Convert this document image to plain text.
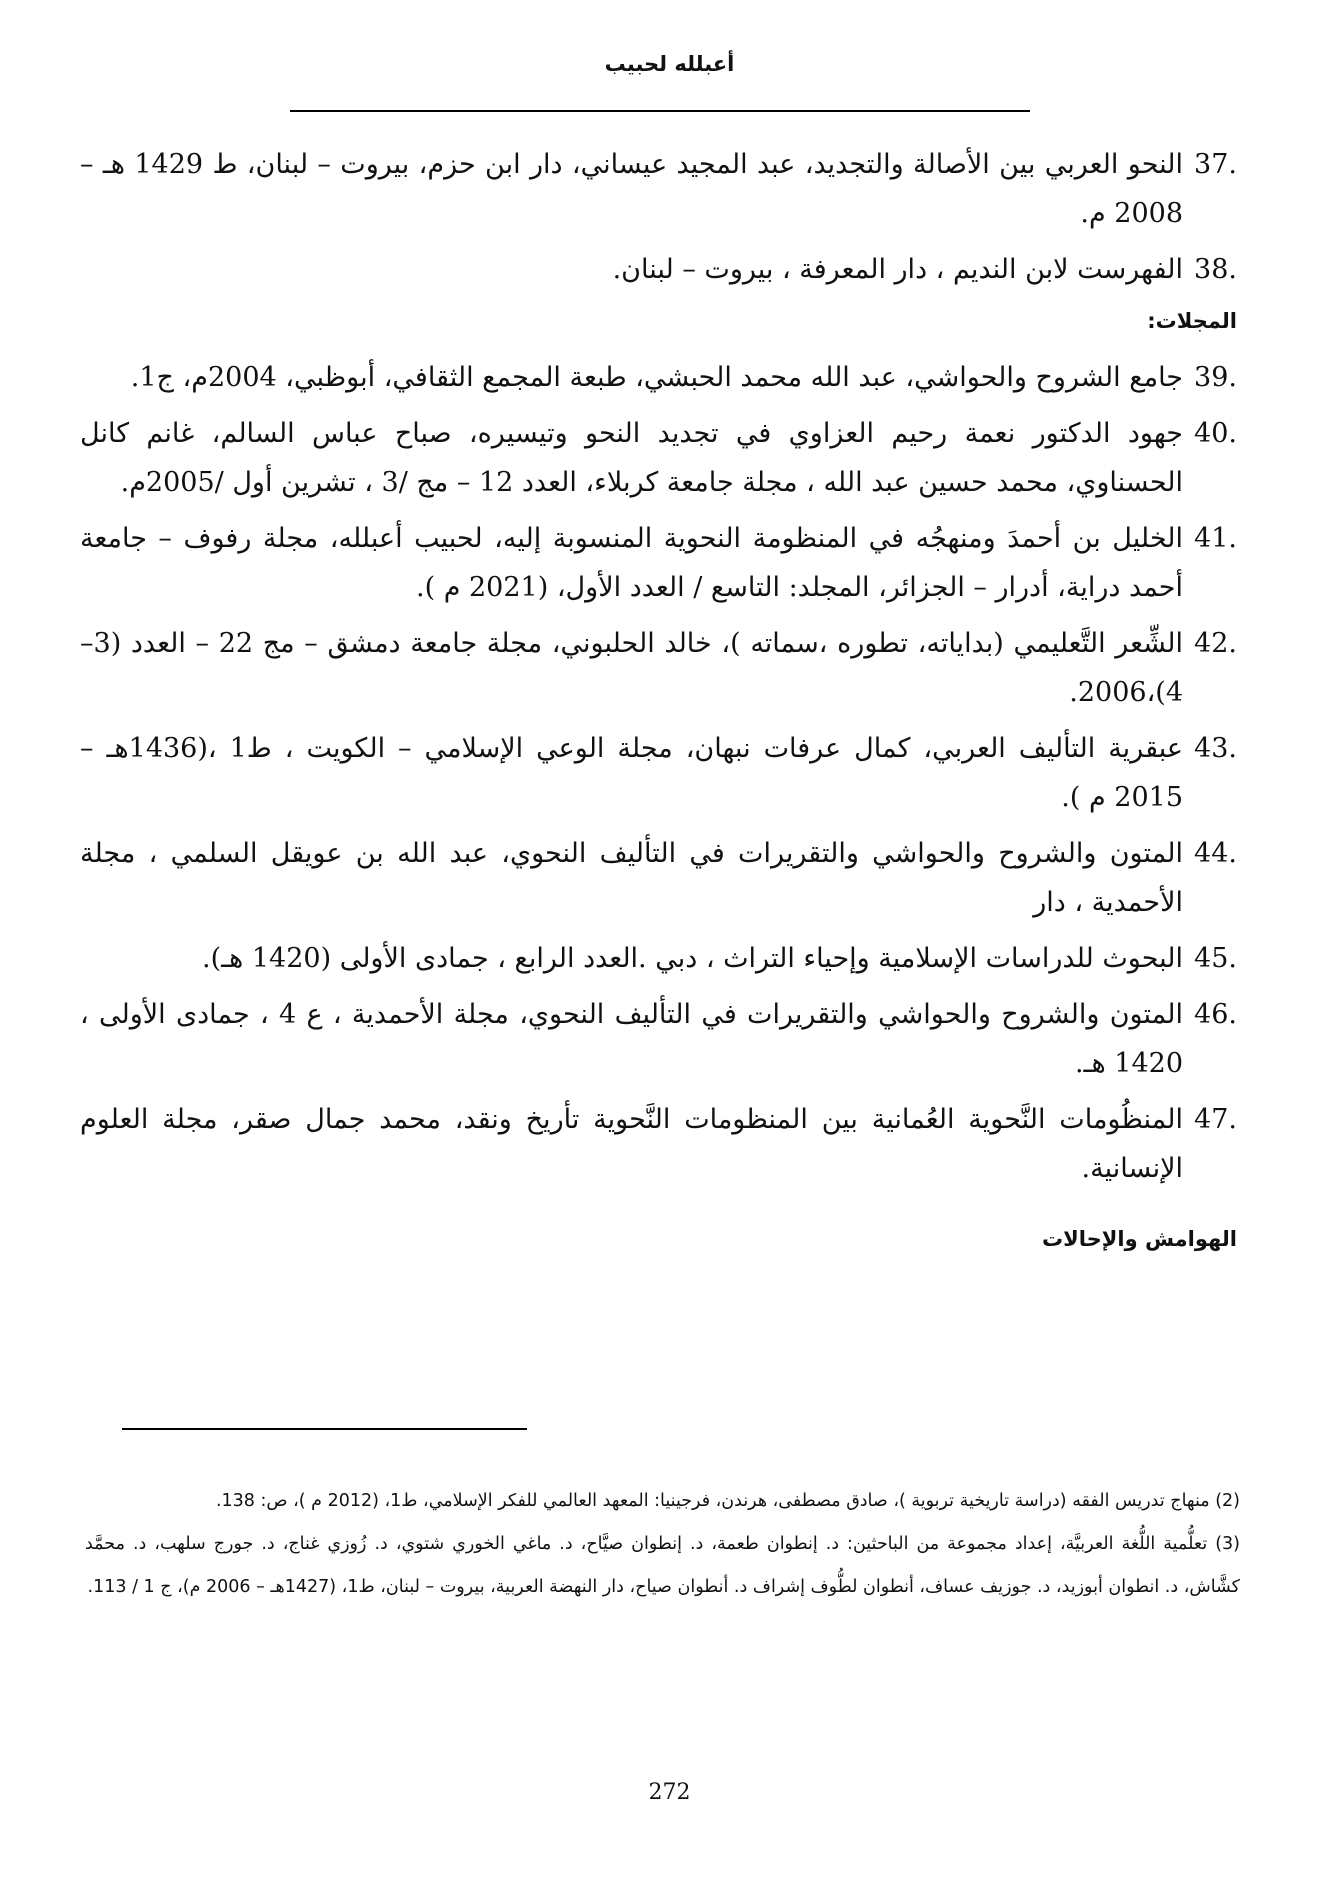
أعبلله لحبيب
37.
النحو العربي بين الأصالة والتجديد، عبد المجيد عيساني، دار ابن حزم، بيروت – لبنان، ط 1429 هـ –2008 م.
38.
الفهرست لابن النديم ، دار المعرفة ، بيروت – لبنان.
المجلات:
39.
جامع الشروح والحواشي، عبد الله محمد الحبشي، طبعة المجمع الثقافي، أبوظبي، 2004م، ج1.
40.
جهود الدكتور نعمة رحيم العزاوي في تجديد النحو وتيسيره، صباح عباس السالم، غانم كانل الحسناوي، محمد حسين عبد الله ، مجلة جامعة كربلاء، العدد 12 – مج /3 ، تشرين أول /2005م.
41.
الخليل بن أحمدَ ومنهجُه في المنظومة النحوية المنسوبة إليه، لحبيب أعبلله، مجلة رفوف – جامعة أحمد دراية، أدرار – الجزائر، المجلد: التاسع / العدد الأول، (2021 م ).
42.
الشِّعر التَّعليمي (بداياته، تطوره ،سماته )، خالد الحلبوني، مجلة جامعة دمشق – مج 22 – العدد (3–4)،2006.
43.
عبقرية التأليف العربي، كمال عرفات نبهان، مجلة الوعي الإسلامي – الكويت ، ط1 ،(1436هـ – 2015 م ).
44.
المتون والشروح والحواشي والتقريرات في التأليف النحوي، عبد الله بن عويقل السلمي ، مجلة الأحمدية ، دار
45.
البحوث للدراسات الإسلامية وإحياء التراث ، دبي .العدد الرابع ، جمادى الأولى (1420 هـ).
46.
المتون والشروح والحواشي والتقريرات في التأليف النحوي، مجلة الأحمدية ، ع 4 ، جمادى الأولى ، 1420 هـ.
47.
المنظُومات النَّحوية العُمانية بين المنظومات النَّحوية تأريخ ونقد، محمد جمال صقر، مجلة العلوم الإنسانية.
الهوامش والإحالات
(2) منهاج تدريس الفقه (دراسة تاريخية تربوية )، صادق مصطفى، هرندن، فرجينيا: المعهد العالمي للفكر الإسلامي، ط1، (2012 م )، ص: 138.
(3) تعلُّمية اللُّغة العربيَّة، إعداد مجموعة من الباحثين: د. إنطوان طعمة، د. إنطوان صيَّاح، د. ماغي الخوري شتوي، د. زُوزي غناج، د. جورج سلهب، د. محمَّد كشَّاش، د. انطوان أبوزيد، د. جوزيف عساف، أنطوان لطُّوف إشراف د. أنطوان صياح، دار النهضة العربية، بيروت – لبنان، ط1، (1427هـ – 2006 م)، ج 1 / 113.
272
